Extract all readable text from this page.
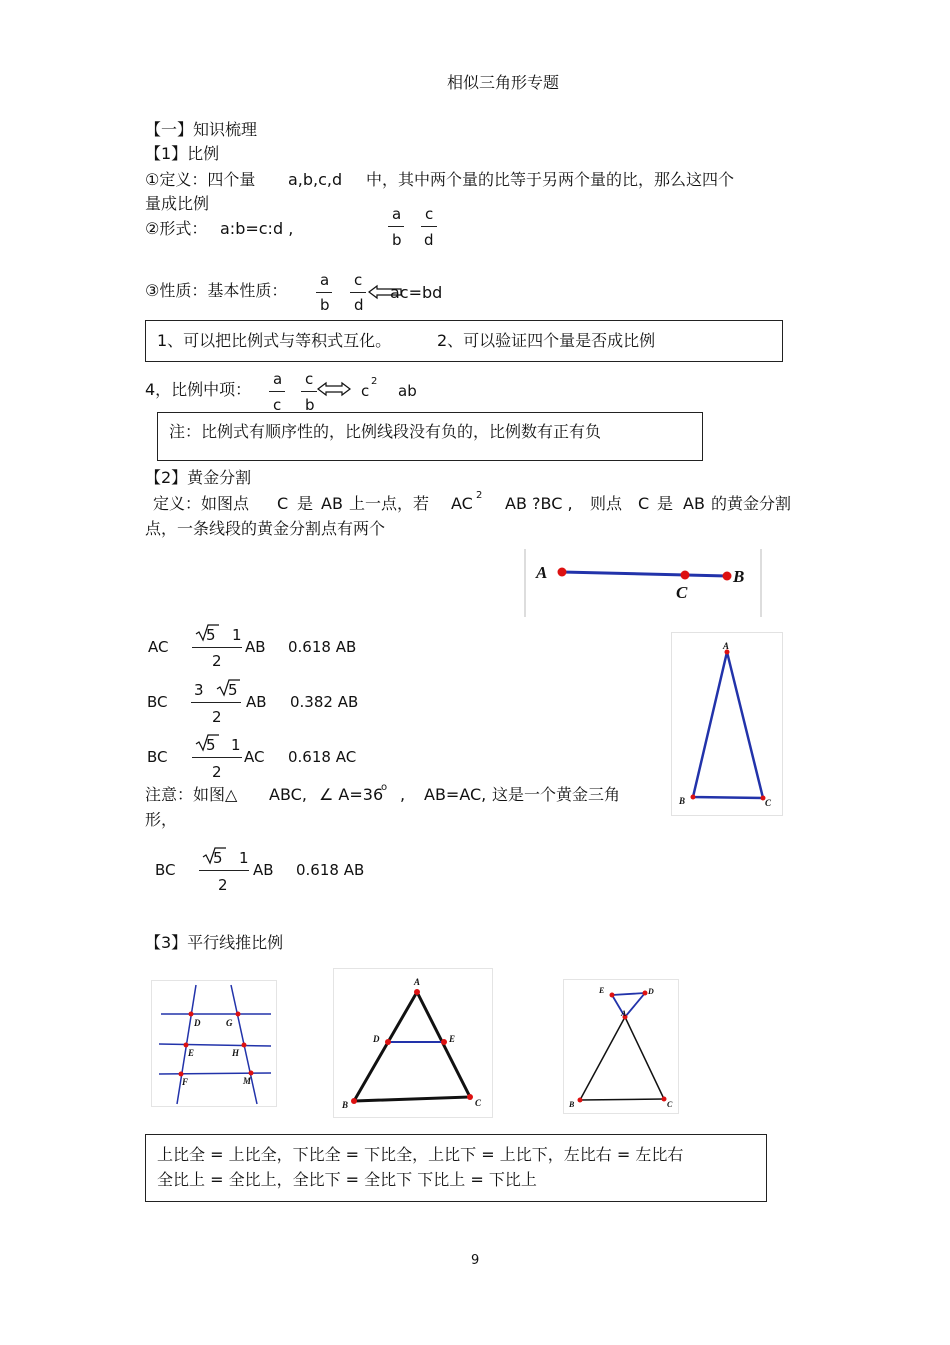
相似三角形专题
【一】知识梳理
【1】比例
①定义：四个量 a,b,c,d 中，其中两个量的比等于另两个量的比，那么这四个
量成比例
②形式： a:b=c:d ,
a
b
c
d
③性质：基本性质：
a
b
c
d
ac=bd
1、可以把比例式与等积式互化。	2、可以验证四个量是否成比例
4，比例中项：
a
c
c
b
c
2
ab
注：比例式有顺序性的，比例线段没有负的，比例数有正有负
【2】黄金分割
定义：如图点 C 是 AB 上一点，若 AC 2 AB ?BC , 则点 C 是 AB 的黄金分割
点，一条线段的黄金分割点有两个
A
C
B
AC
5 1
2
AB 0.618 AB
BC
3 5
2
AB 0.382 AB
BC
5 1
2
AC 0.618 AC
注意：如图△ ABC, ∠ A=36
o , AB=AC, 这是一个黄金三角
形，
A
B	C
BC
5 1
2
AB 0.618 AB
【3】平行线推比例
D	G
E	H
F	M
A
D	E
B	C
E	D
A
B	C
上比全 = 上比全，下比全 = 下比全，上比下 = 上比下，左比右 = 左比右
全比上 = 全比上，全比下 = 全比下 下比上 = 下比上
9
